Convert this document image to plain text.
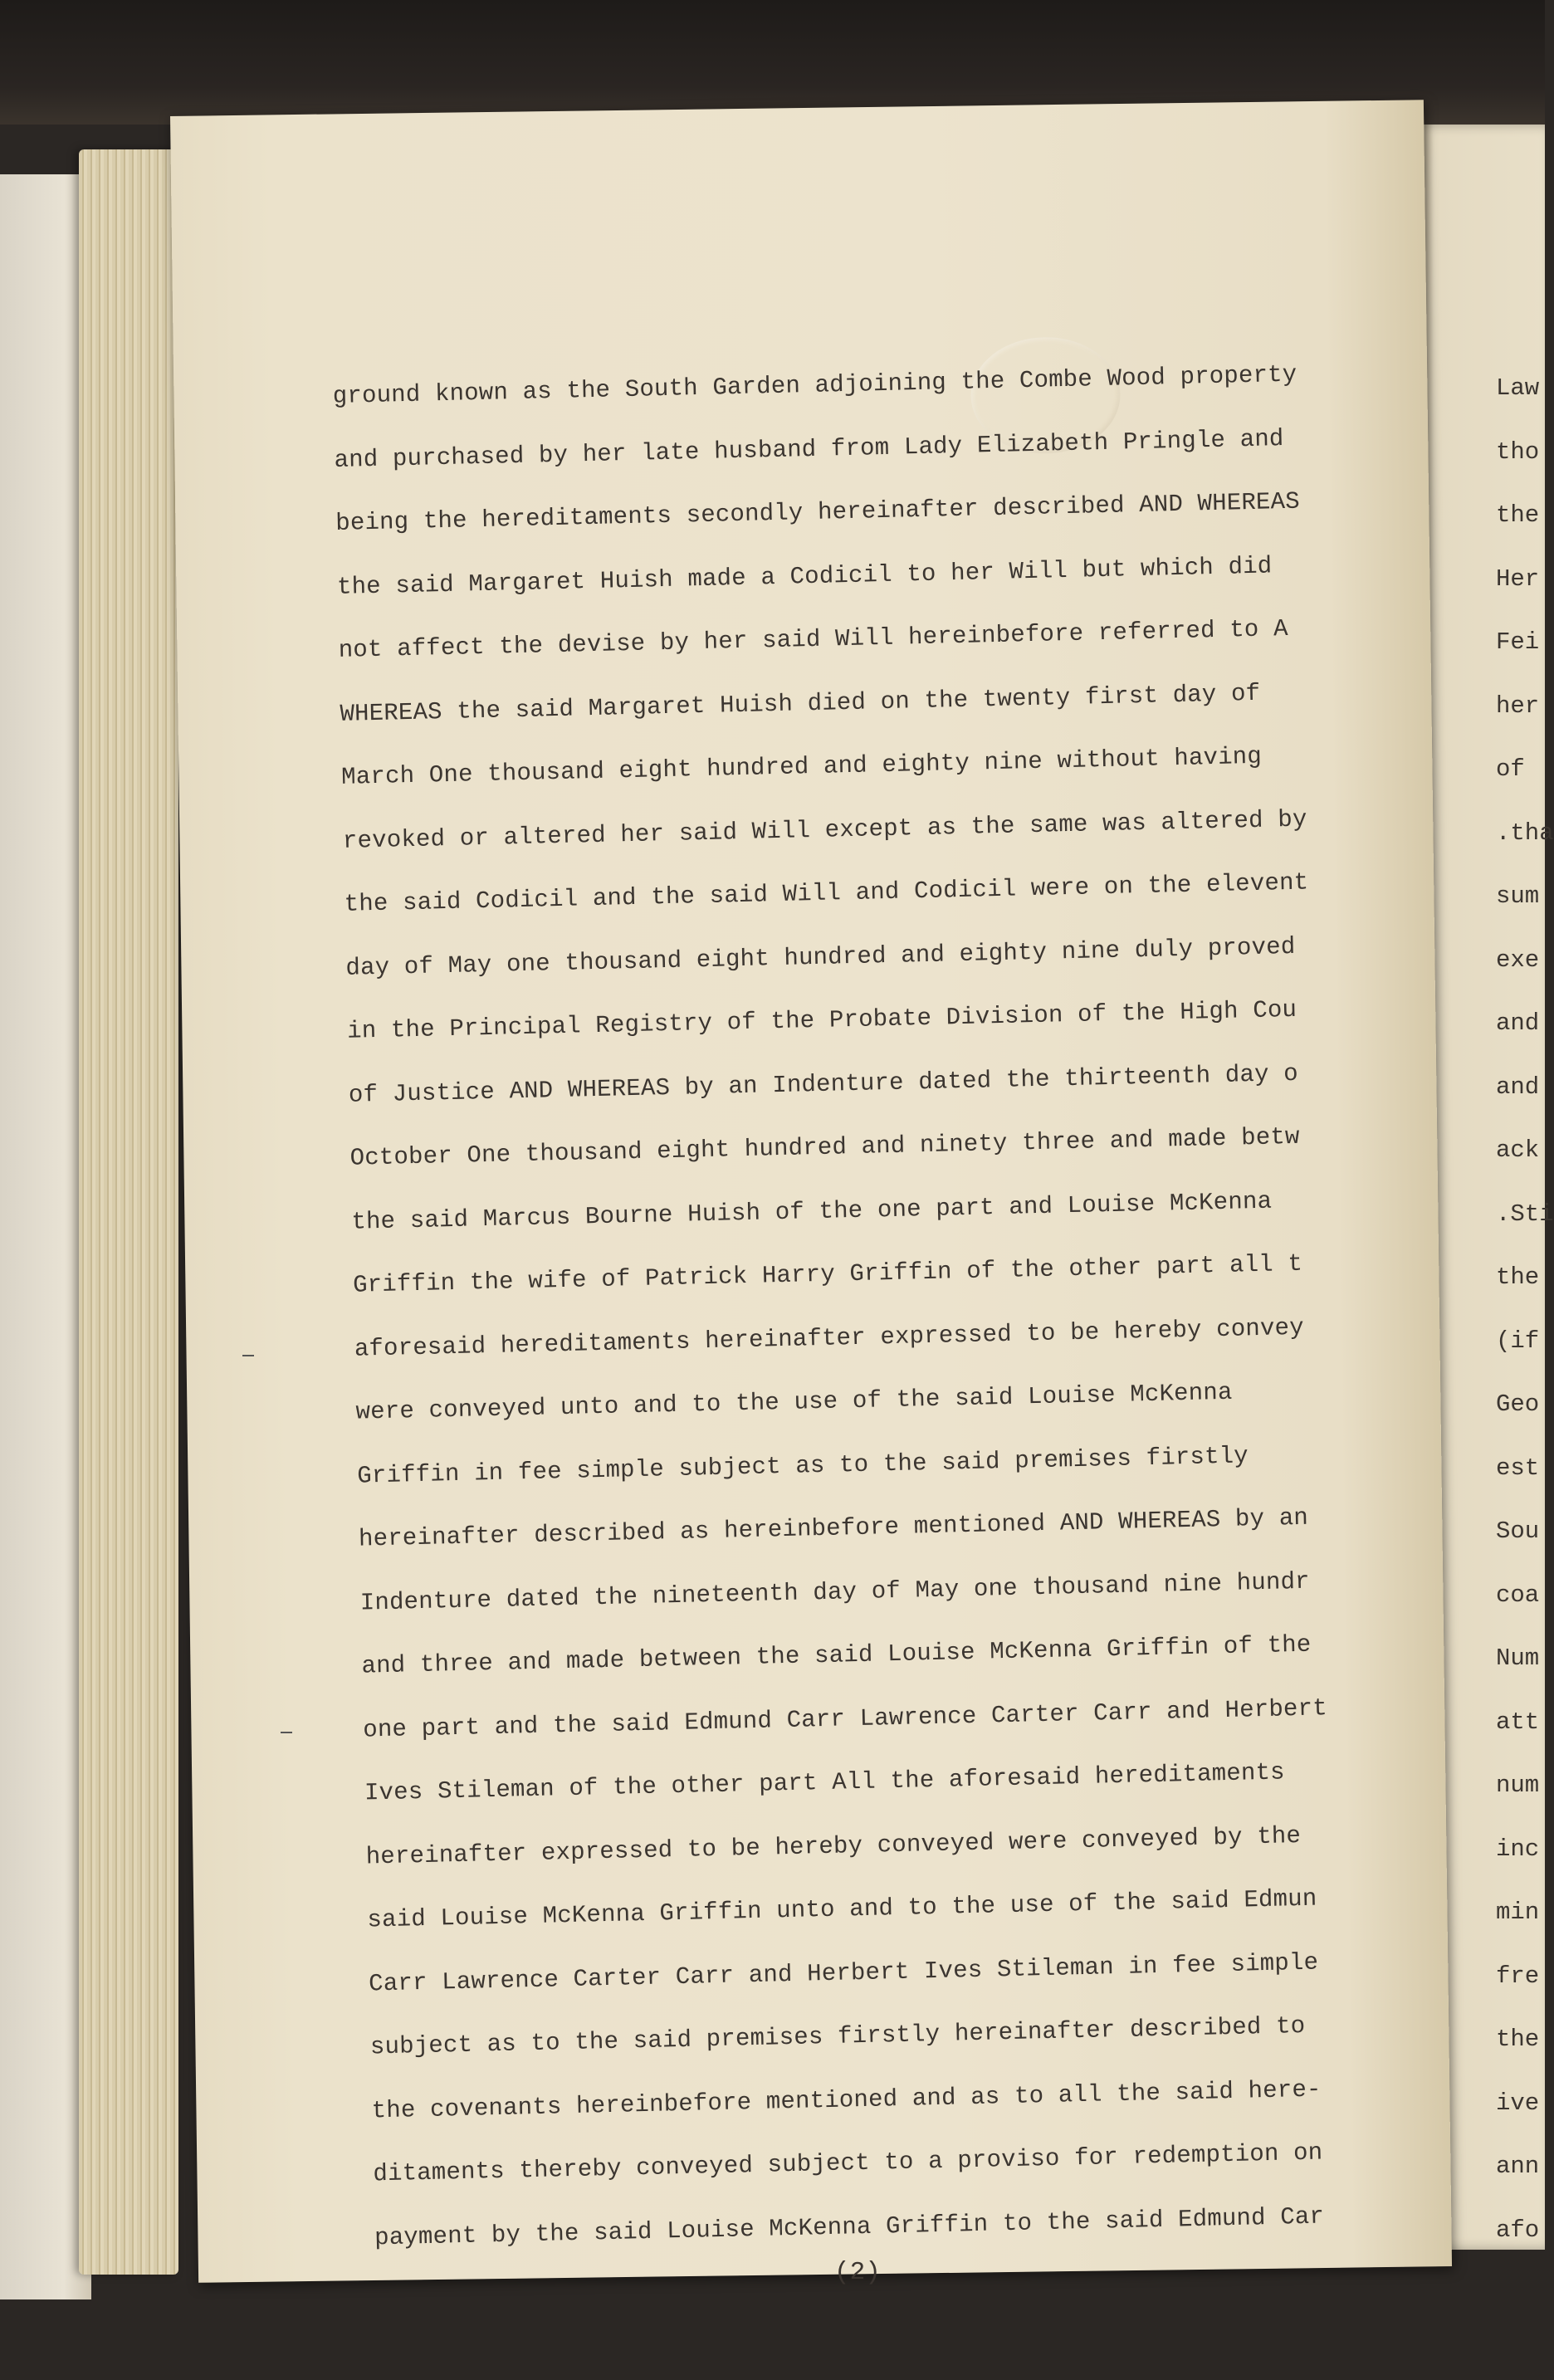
Law
tho
the
Her
Fei
her
of
.tha
sum
exe
and
and
ack
.Sti
the
(if
Geo
est
Sou
coa
Num
att
num
inc
min
fre
the
ive
ann
afo
ground known as the South Garden adjoining the Combe Wood property
and purchased by her late husband from Lady Elizabeth Pringle and
being the hereditaments secondly hereinafter described AND WHEREAS
the said Margaret Huish made a Codicil to her Will but which did
not affect the devise by her said Will hereinbefore referred to A
WHEREAS the said Margaret Huish died on the twenty first day of
March One thousand eight hundred and eighty nine without having
revoked or altered her said Will except as the same was altered by
the said Codicil and the said Will and Codicil were on the elevent
day of May one thousand eight hundred and eighty nine duly proved
in the Principal Registry of the Probate Division of the High Cou
of Justice AND WHEREAS by an Indenture dated the thirteenth day o
October One thousand eight hundred and ninety three and made betw
the said Marcus Bourne Huish of the one part and Louise McKenna
Griffin the wife of Patrick Harry Griffin of the other part all t
aforesaid hereditaments hereinafter expressed to be hereby convey
were conveyed unto and to the use of the said Louise McKenna
Griffin in fee simple subject as to the said premises firstly
hereinafter described as hereinbefore mentioned AND WHEREAS by an
Indenture dated the nineteenth day of May one thousand nine hundr
and three and made between the said Louise McKenna Griffin of the
one part and the said Edmund Carr Lawrence Carter Carr and Herbert
Ives Stileman of the other part All the aforesaid hereditaments
hereinafter expressed to be hereby conveyed were conveyed by the
said Louise McKenna Griffin unto and to the use of the said Edmun
Carr Lawrence Carter Carr and Herbert Ives Stileman in fee simple
subject as to the said premises firstly hereinafter described to
the covenants hereinbefore mentioned and as to all the said here-
ditaments thereby conveyed subject to a proviso for redemption on
payment by the said Louise McKenna Griffin to the said Edmund Car
(2)
